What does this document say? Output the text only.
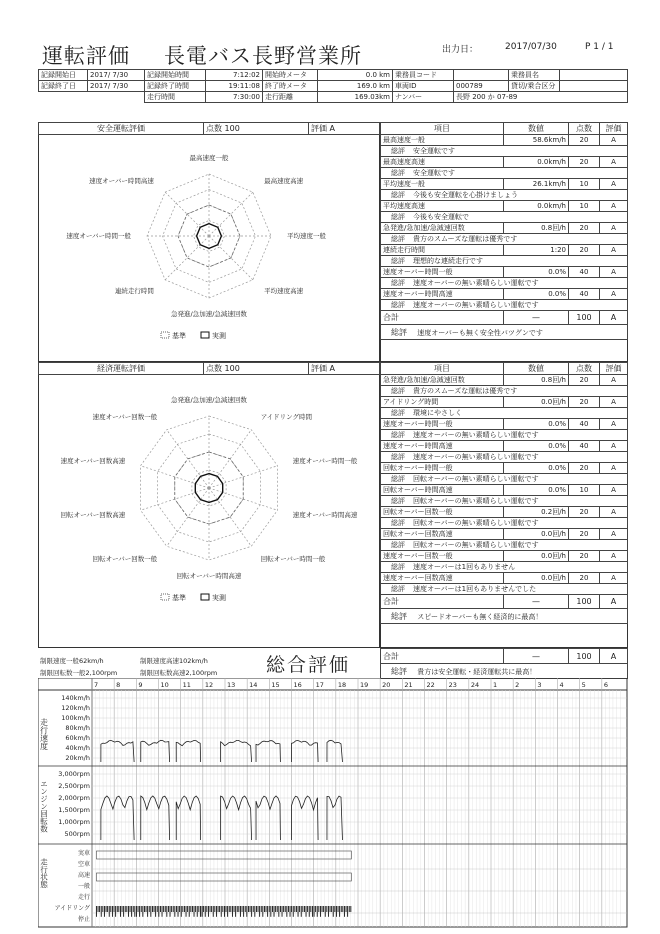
運転評価 長電バス長野営業所	出力日：	2017/07/30	P 1 / 1
記録開始日	2017/ 7/30	記録開始時間	7:12:02	開始時メータ	0.0 km	乗務員コード		乗務員名	
記録終了日	2017/ 7/30	記録終了時間	19:11:08	終了時メータ	169.0 km	車両ID	000789	貸切/乗合区分	
		走行時間	7:30:00	走行距離	169.03km	ナンバー	長野 200 か 07-89		
安全運転評価	点数 100	評価 A
最高速度一般
最高速度高速
平均速度一般
平均速度高速
急発進/急加速/急減速回数
連続走行時間
速度オーバー時間一般
速度オーバー時間高速
基準	実測
項目	数値	点数	評価
最高速度一般	58.6km/h	20	A
総評 安全運転です			
最高速度高速	0.0km/h	20	A
総評 安全運転です			
平均速度一般	26.1km/h	10	A
総評 今後も安全運転を心掛けましょう			
平均速度高速	0.0km/h	10	A
総評 今後も安全運転で			
急発進/急加速/急減速回数	0.8回/h	20	A
総評 貴方のスムーズな運転は優秀です			
連続走行時間	1:20	20	A
総評 理想的な連続走行です			
速度オーバー時間一般	0.0%	40	A
総評 速度オーバーの無い素晴らしい運転です			
速度オーバー時間高速	0.0%	40	A
総評 速度オーバーの無い素晴らしい運転です			
合計	—	100	A
総評 速度オーバーも無く安全性バツグンです			
経済運転評価	点数 100	評価 A
急発進/急加速/急減速回数
アイドリング時間
速度オーバー時間一般
速度オーバー時間高速
回転オーバー時間一般
回転オーバー時間高速
回転オーバー回数一般
回転オーバー回数高速
速度オーバー回数高速
速度オーバー回数一般
基準	実測
項目	数値	点数	評価
急発進/急加速/急減速回数	0.8回/h	20	A
総評 貴方のスムーズな運転は優秀です			
アイドリング時間	0.0回/h	20	A
総評 環境にやさしく			
速度オーバー時間一般	0.0%	40	A
総評 速度オーバーの無い素晴らしい運転です			
速度オーバー時間高速	0.0%	40	A
総評 速度オーバーの無い素晴らしい運転です			
回転オーバー時間一般	0.0%	20	A
総評 回転オーバーの無い素晴らしい運転です			
回転オーバー時間高速	0.0%	10	A
総評 回転オーバーの無い素晴らしい運転です			
回転オーバー回数一般	0.2回/h	20	A
総評 回転オーバーの無い素晴らしい運転です			
回転オーバー回数高速	0.0回/h	20	A
総評 回転オーバーの無い素晴らしい運転です			
速度オーバー回数一般	0.0回/h	20	A
総評 速度オーバーは1回もありません			
速度オーバー回数高速	0.0回/h	20	A
総評 速度オーバーは1回もありませんでした			
合計	—	100	A
総評 スピードオーバーも無く経済的に最高！			
制限速度一般62km/h	制限速度高速102km/h
制限回転数一般2,100rpm	制限回転数高速2,100rpm	総合評価	合計	—	100	A
総評 貴方は安全運転・経済運転共に最高！
7	8	9	10 11 12 13 14 15 16 17 18 19 20 21 22 23 24 1	2	3	4	5	6
140km/h
120km/h
100km/h
80km/h
60km/h
40km/h
20km/h
走行速度
3,000rpm
2,500rpm
2,000rpm
1,500rpm
1,000rpm
500rpm
エンジン回転数
実車
空車
高速
一般
走行
アイドリング
停止
走行状態
